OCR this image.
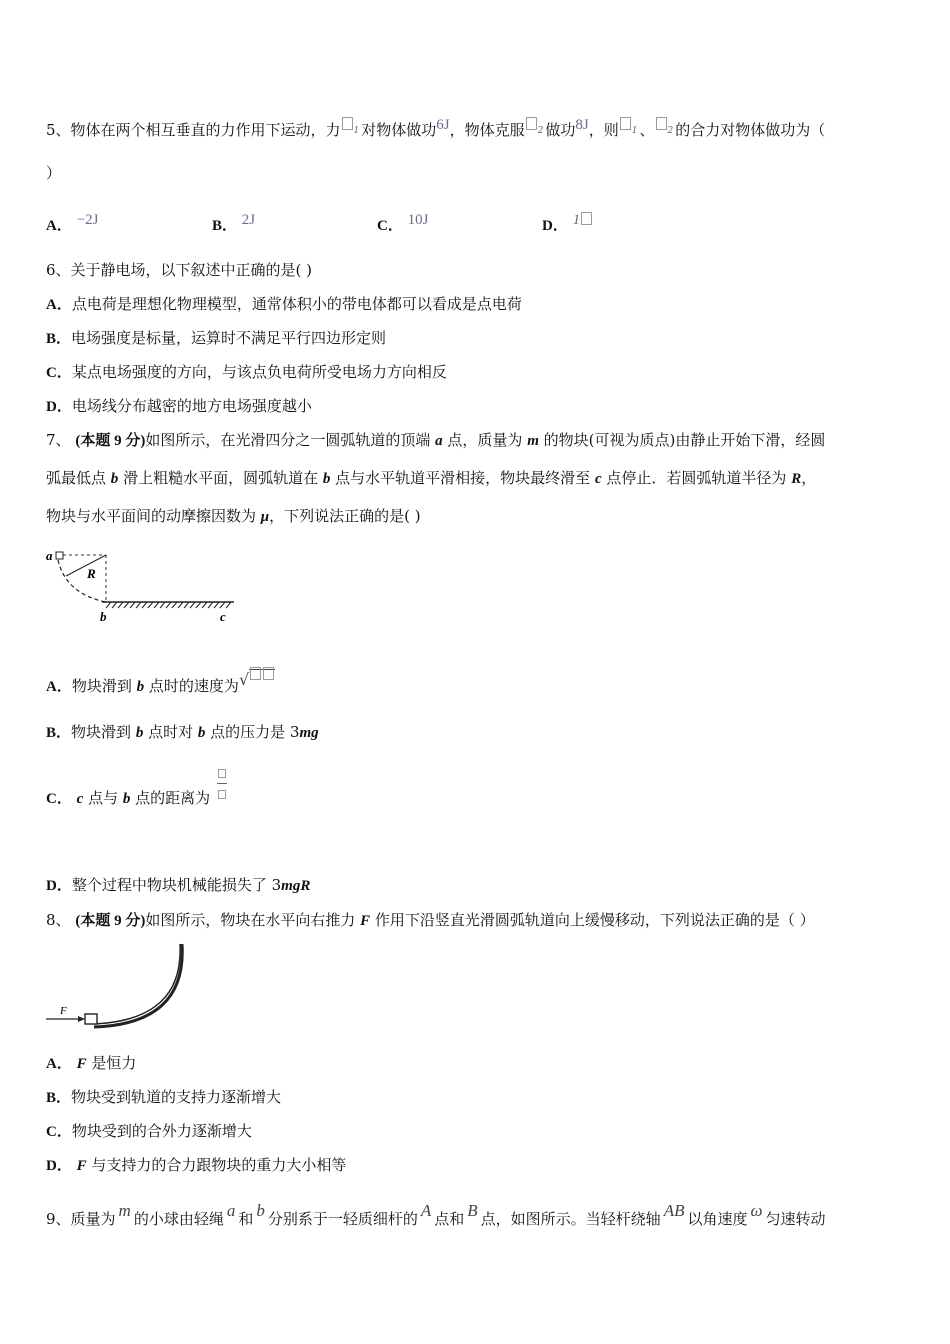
5、物体在两个相互垂直的力作用下运动，力 $^1$ 对物体做功6J，物体克服 $^2$ 做功8J，则 $^1$ 、 $^2$ 的合力对物体做功为（
）
A． −2J	B． 2J	C． 10J	D． 1
6、关于静电场，以下叙述中正确的是( )
A．点电荷是理想化物理模型，通常体积小的带电体都可以看成是点电荷
B．电场强度是标量，运算时不满足平行四边形定则
C．某点电场强度的方向，与该点负电荷所受电场力方向相反
D．电场线分布越密的地方电场强度越小
7、 (本题 9 分)如图所示，在光滑四分之一圆弧轨道的顶端 a 点，质量为 m 的物块(可视为质点)由静止开始下滑，经圆
弧最低点 b 滑上粗糙水平面，圆弧轨道在 b 点与水平轨道平滑相接，物块最终滑至 c 点停止．若圆弧轨道半径为 R，
物块与水平面间的动摩擦因数为 μ，下列说法正确的是( )
a
R
b	c
A．物块滑到 b 点时的速度为√
B．物块滑到 b 点时对 b 点的压力是 3mg
C． c 点与 b 点的距离为
D．整个过程中物块机械能损失了 3mgR
8、 (本题 9 分)如图所示，物块在水平向右推力 F 作用下沿竖直光滑圆弧轨道向上缓慢移动，下列说法正确的是（ ）
F
A． F 是恒力
B．物块受到轨道的支持力逐渐增大
C．物块受到的合外力逐渐增大
D． F 与支持力的合力跟物块的重力大小相等
9、质量为 m 的小球由轻绳 a 和 b 分别系于一轻质细杆的 A 点和 B 点，如图所示。当轻杆绕轴 AB 以角速度 ω 匀速转动
